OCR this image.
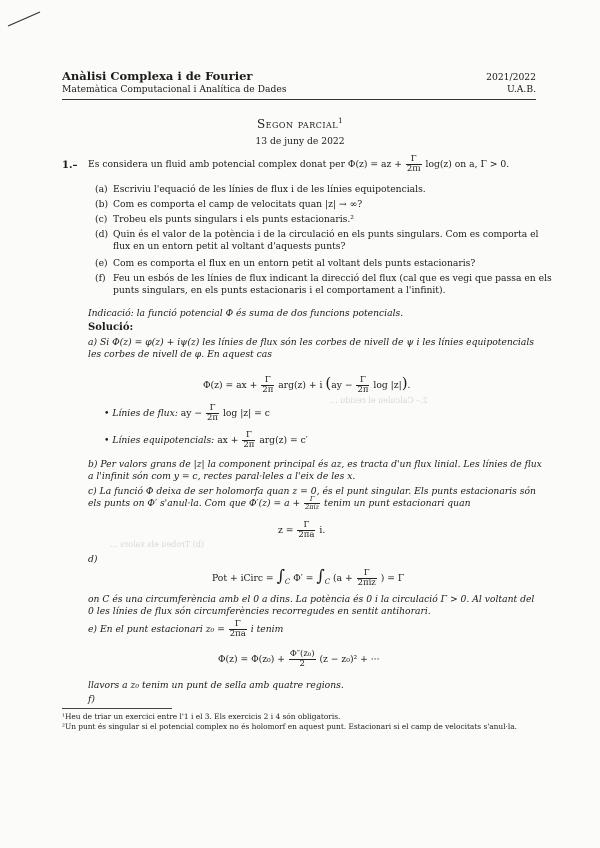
2.– Calculeu el residu ...
(b) Trobeu els valors ...
Anàlisi Complexa i de Fourier
Matemàtica Computacional i Analítica de Dades
2021/2022
U.A.B.
Segon parcial$^1$
13 de juny de 2022
1.– Es considera un fluid amb potencial complex donat per Φ(z) = az + $\frac{\Gamma}{2\pi ı} \log(z)$ on a, Γ > 0.
(a) Escriviu l'equació de les línies de flux i de les línies equipotencials.
(b) Com es comporta el camp de velocitats quan |z| → ∞?
(c) Trobeu els punts singulars i els punts estacionaris.²
(d) Quin és el valor de la potència i de la circulació en els punts singulars. Com es comporta el
flux en un entorn petit al voltant d'aquests punts?
(e) Com es comporta el flux en un entorn petit al voltant dels punts estacionaris?
(f) Feu un esbós de les línies de flux indicant la direcció del flux (cal que es vegi que passa en els
punts singulars, en els punts estacionaris i el comportament a l'infinit).
Indicació: la funció potencial Φ és suma de dos funcions potencials.
Solució:
a) Si Φ(z) = φ(z) + iψ(z) les línies de flux són les corbes de nivell de ψ i les línies equipotencials
les corbes de nivell de φ. En aquest cas
Φ(z) = ax + $\frac{\Gamma}{2\pi} arg(z) + i$ ($ay - \frac{\Gamma}{2\pi}$ log |z|).
• Línies de flux: ay − $\frac{\Gamma}{2\pi}$ log |z| = c
• Línies equipotencials: ax + $\frac{\Gamma}{2\pi} arg(z) = c'$
b) Per valors grans de |z| la component principal és az, es tracta d'un flux linial. Les línies de flux
a l'infinit són com y = c, rectes paral·leles a l'eix de les x.
c) La funció Φ deixa de ser holomorfa quan z = 0, és el punt singular. Els punts estacionaris són
els punts on Φ′ s'anul·la. Com que $\Phi'(z) = a + \frac{\Gamma}{\text{2πiz}}$ tenim un punt estacionari quan
$z = \frac{\Gamma}{2\pi a} i$.
d)
Pot + iCirc = $\int_C$ $\Phi' = \int_C$ ($a + \frac{\Gamma}{\text{2πiz}}$ ) = Γ
on C és una circumferència amb el 0 a dins. La potència és 0 i la circulació Γ > 0. Al voltant del
0 les línies de flux són circumferències recorregudes en sentit antihorari.
e) En el punt estacionari $z_0 = \frac{\Gamma}{2\pi a}$ i tenim
$\Phi(z) = \Phi(z_0) + \frac{\text{Φ″(z₀)}}{2} (z - z_0)^2$ + ···
llavors a z₀ tenim un punt de sella amb quatre regions.
f)
¹Heu de triar un exercici entre l'1 i el 3. Els exercicis 2 i 4 són obligatoris.
²Un punt és singular si el potencial complex no és holomorf en aquest punt. Estacionari si el camp de velocitats s'anul·la.
